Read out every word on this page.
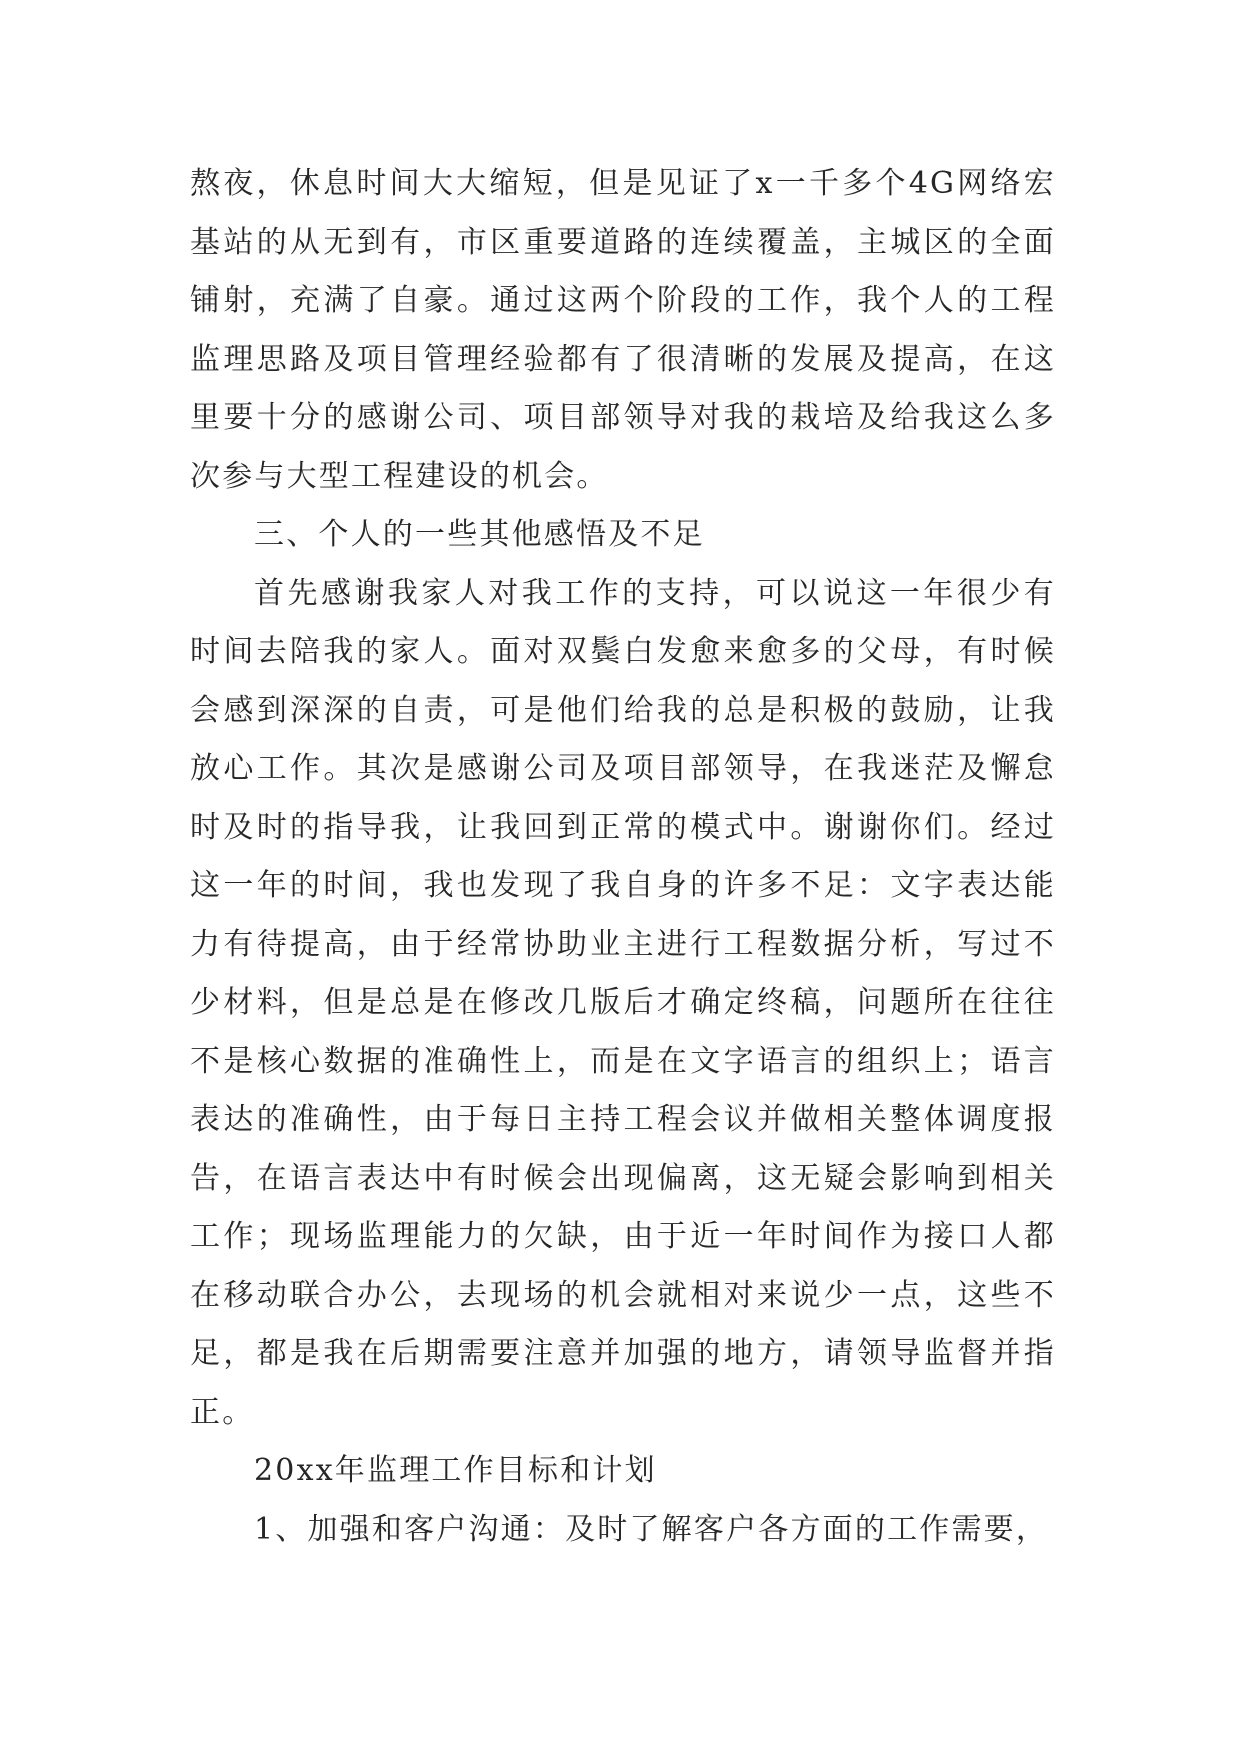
熬夜，休息时间大大缩短，但是见证了x一千多个4G网络宏基站的从无到有，市区重要道路的连续覆盖，主城区的全面铺射，充满了自豪。通过这两个阶段的工作，我个人的工程监理思路及项目管理经验都有了很清晰的发展及提高，在这里要十分的感谢公司、项目部领导对我的栽培及给我这么多次参与大型工程建设的机会。

三、个人的一些其他感悟及不足

首先感谢我家人对我工作的支持，可以说这一年很少有时间去陪我的家人。面对双鬓白发愈来愈多的父母，有时候会感到深深的自责，可是他们给我的总是积极的鼓励，让我放心工作。其次是感谢公司及项目部领导，在我迷茫及懈怠时及时的指导我，让我回到正常的模式中。谢谢你们。经过这一年的时间，我也发现了我自身的许多不足：文字表达能力有待提高，由于经常协助业主进行工程数据分析，写过不少材料，但是总是在修改几版后才确定终稿，问题所在往往不是核心数据的准确性上，而是在文字语言的组织上；语言表达的准确性，由于每日主持工程会议并做相关整体调度报告，在语言表达中有时候会出现偏离，这无疑会影响到相关工作；现场监理能力的欠缺，由于近一年时间作为接口人都在移动联合办公，去现场的机会就相对来说少一点，这些不足，都是我在后期需要注意并加强的地方，请领导监督并指正。

20xx年监理工作目标和计划

1、加强和客户沟通：及时了解客户各方面的工作需要，
